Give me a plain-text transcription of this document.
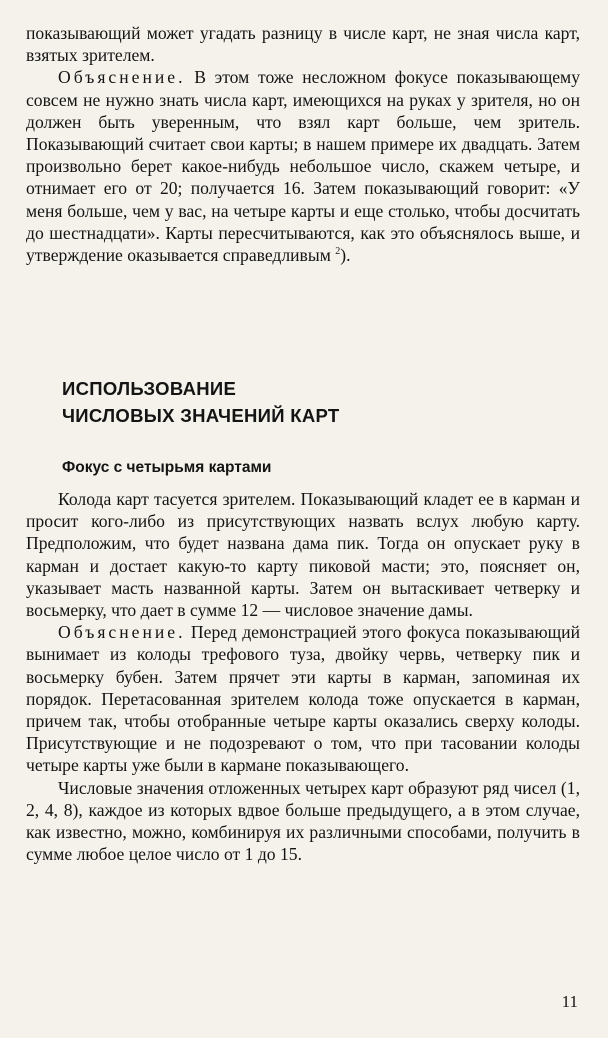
показывающий может угадать разницу в числе карт, не зная числа карт, взятых зрителем.

Объяснение. В этом тоже несложном фокусе показывающему совсем не нужно знать числа карт, имеющихся на руках у зрителя, но он должен быть уверенным, что взял карт больше, чем зритель. Показывающий считает свои карты; в нашем примере их двадцать. Затем произвольно берет какое-нибудь небольшое число, скажем четыре, и отнимает его от 20; получается 16. Затем показывающий говорит: «У меня больше, чем у вас, на четыре карты и еще столько, чтобы досчитать до шестнадцати». Карты пересчитываются, как это объяснялось выше, и утверждение оказывается справедливым $^2$).

ИСПОЛЬЗОВАНИЕ
ЧИСЛОВЫХ ЗНАЧЕНИЙ КАРТ
Фокус с четырьмя картами

Колода карт тасуется зрителем. Показывающий кладет ее в карман и просит кого-либо из присутствующих назвать вслух любую карту. Предположим, что будет названа дама пик. Тогда он опускает руку в карман и достает какую-то карту пиковой масти; это, поясняет он, указывает масть названной карты. Затем он вытаскивает четверку и восьмерку, что дает в сумме 12 — числовое значение дамы.

Объяснение. Перед демонстрацией этого фокуса показывающий вынимает из колоды трефового туза, двойку червь, четверку пик и восьмерку бубен. Затем прячет эти карты в карман, запоминая их порядок. Перетасованная зрителем колода тоже опускается в карман, причем так, чтобы отобранные четыре карты оказались сверху колоды. Присутствующие и не подозревают о том, что при тасовании колоды четыре карты уже были в кармане показывающего.

Числовые значения отложенных четырех карт образуют ряд чисел (1, 2, 4, 8), каждое из которых вдвое больше предыдущего, а в этом случае, как известно, можно, комбинируя их различными способами, получить в сумме любое целое число от 1 до 15.

11
